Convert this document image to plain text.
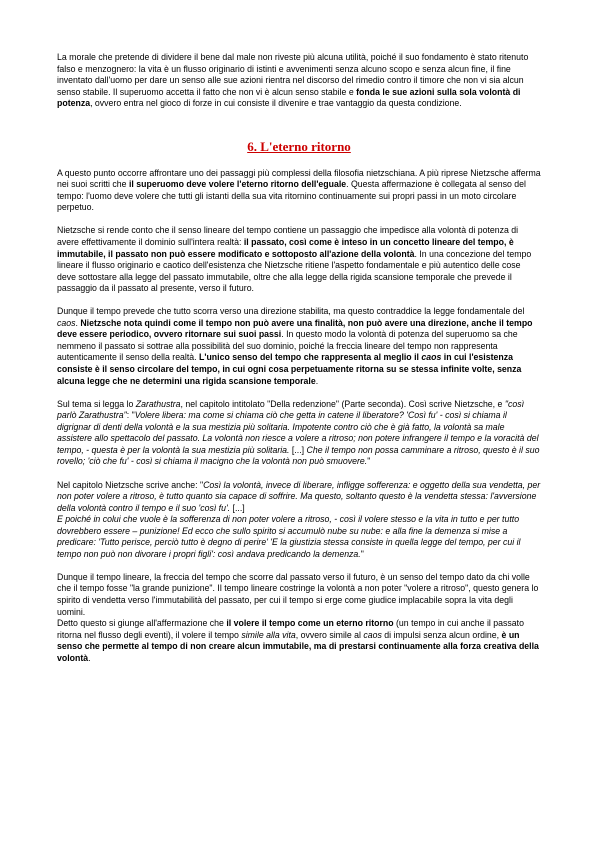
La morale che pretende di dividere il bene dal male non riveste più alcuna utilità, poiché il suo fondamento è stato ritenuto falso e menzognero: la vita è un flusso originario di istinti e avvenimenti senza alcuno scopo e senza alcun fine, il fine inventato dall'uomo per dare un senso alle sue azioni rientra nel discorso del rimedio contro il timore che non vi sia alcun senso stabile. Il superuomo accetta il fatto che non vi è alcun senso stabile e fonda le sue azioni sulla sola volontà di potenza, ovvero entra nel gioco di forze in cui consiste il divenire e trae vantaggio da questa condizione.

6. L'eterno ritorno

A questo punto occorre affrontare uno dei passaggi più complessi della filosofia nietzschiana. A più riprese Nietzsche afferma nei suoi scritti che il superuomo deve volere l'eterno ritorno dell'eguale. Questa affermazione è collegata al senso del tempo: l'uomo deve volere che tutti gli istanti della sua vita ritornino continuamente sui propri passi in un moto circolare perpetuo.

Nietzsche si rende conto che il senso lineare del tempo contiene un passaggio che impedisce alla volontà di potenza di avere effettivamente il dominio sull'intera realtà: il passato, così come è inteso in un concetto lineare del tempo, è immutabile, il passato non può essere modificato e sottoposto all'azione della volontà. In una concezione del tempo lineare il flusso originario e caotico dell'esistenza che Nietzsche ritiene l'aspetto fondamentale e più autentico delle cose deve sottostare alla legge del passato immutabile, oltre che alla legge della rigida scansione temporale che prevede il passaggio da il passato al presente, verso il futuro.

Dunque il tempo prevede che tutto scorra verso una direzione stabilita, ma questo contraddice la legge fondamentale del caos. Nietzsche nota quindi come il tempo non può avere una finalità, non può avere una direzione, anche il tempo deve essere periodico, ovvero ritornare sui suoi passi. In questo modo la volontà di potenza del superuomo sa che nemmeno il passato si sottrae alla possibilità del suo dominio, poiché la freccia lineare del tempo non rappresenta autenticamente il senso della realtà. L'unico senso del tempo che rappresenta al meglio il caos in cui l'esistenza consiste è il senso circolare del tempo, in cui ogni cosa perpetuamente ritorna su se stessa infinite volte, senza alcuna legge che ne determini una rigida scansione temporale.

Sul tema si legga lo Zarathustra, nel capitolo intitolato "Della redenzione" (Parte seconda). Così scrive Nietzsche, e "così parlò Zarathustra": "Volere libera: ma come si chiama ciò che getta in catene il liberatore? 'Così fu' - così si chiama il digrignar di denti della volontà e la sua mestizia più solitaria. Impotente contro ciò che è già fatto, la volontà sa male assistere allo spettacolo del passato. La volontà non riesce a volere a ritroso; non potere infrangere il tempo e la voracità del tempo, - questa è per la volontà la sua mestizia più solitaria. [...] Che il tempo non possa camminare a ritroso, questo è il suo rovello; 'ciò che fu' - così si chiama il macigno che la volontà non può smuovere."

Nel capitolo Nietzsche scrive anche: "Così la volontà, invece di liberare, infligge sofferenza: e oggetto della sua vendetta, per non poter volere a ritroso, è tutto quanto sia capace di soffrire. Ma questo, soltanto questo è la vendetta stessa: l'avversione della volontà contro il tempo e il suo 'così fu'. [...]
E poiché in colui che vuole è la sofferenza di non poter volere a ritroso, - così il volere stesso e la vita in tutto e per tutto dovrebbero essere – punizione! Ed ecco che sullo spirito si accumulò nube su nube: e alla fine la demenza si mise a predicare: 'Tutto perisce, perciò tutto è degno di perire' 'E la giustizia stessa consiste in quella legge del tempo, per cui il tempo non può non divorare i propri figli': così andava predicando la demenza."

Dunque il tempo lineare, la freccia del tempo che scorre dal passato verso il futuro, è un senso del tempo dato da chi volle che il tempo fosse "la grande punizione". Il tempo lineare costringe la volontà a non poter "volere a ritroso", questo genera lo spirito di vendetta verso l'immutabilità del passato, per cui il tempo si erge come giudice implacabile sopra la vita degli uomini.

Detto questo si giunge all'affermazione che il volere il tempo come un eterno ritorno (un tempo in cui anche il passato ritorna nel flusso degli eventi), il volere il tempo simile alla vita, ovvero simile al caos di impulsi senza alcun ordine, è un senso che permette al tempo di non creare alcun immutabile, ma di prestarsi continuamente alla forza creativa della volontà.
